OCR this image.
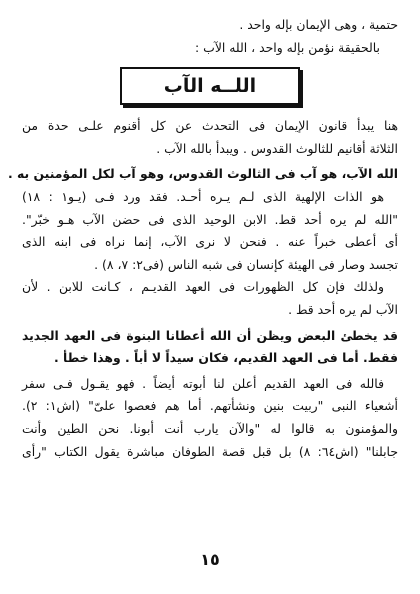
حتمية ، وهى الإيمان بإله واحد .
بالحقيقة نؤمن بإله واحد ، الله الآب :
اللــه الآب
هنا يبدأ قانون الإيمان فى التحدث عن كل أقنوم علـى حدة من
الثلاثة أقانيم للثالوث القدوس . ويبدأ بالله الآب .
الله الآب، هو آب فى الثالوث القدوس، وهو آب لكل المؤمنين به .
هو الذات الإلهية الذى لـم يـره أحـد. فقد ورد فـى (يـو۱ : ۱۸)
"الله لم يره أحد قط. الابن الوحيد الذى فى حضن الآب هـو خبّر".
أى أعطى خبراً عنه . فنحن لا نرى الآب، إنما نراه فى ابنه الذى
تجسد وصار فى الهيئة كإنسان فى شبه الناس (فى۲: ۷، ۸) .
ولذلك فإن كل الظهورات فى العهد القديـم ، كـانت للابن . لأن
الآب لم يره أحد قط .
قد يخطئ البعض ويظن أن الله أعطانا البنوة فى العهد الجديد
فقط. أما فى العهد القديم، فكان سيداً لا أباً . وهذا خطأ .
فالله فى العهد القديم أعلن لنا أبوته أيضاً . فهو يقـول فـى سفر
أشعياء النبى "ربيت بنين ونشأتهم. أما هم فعصوا علىّ" (اش۱: ۲).
والمؤمنون به قالوا له "والآن يارب أنت أبونا. نحن الطين وأنت
جابلنا" (اش٦٤: ٨) بل قبل قصة الطوفان مباشرة يقول الكتاب "رأى
١٥
